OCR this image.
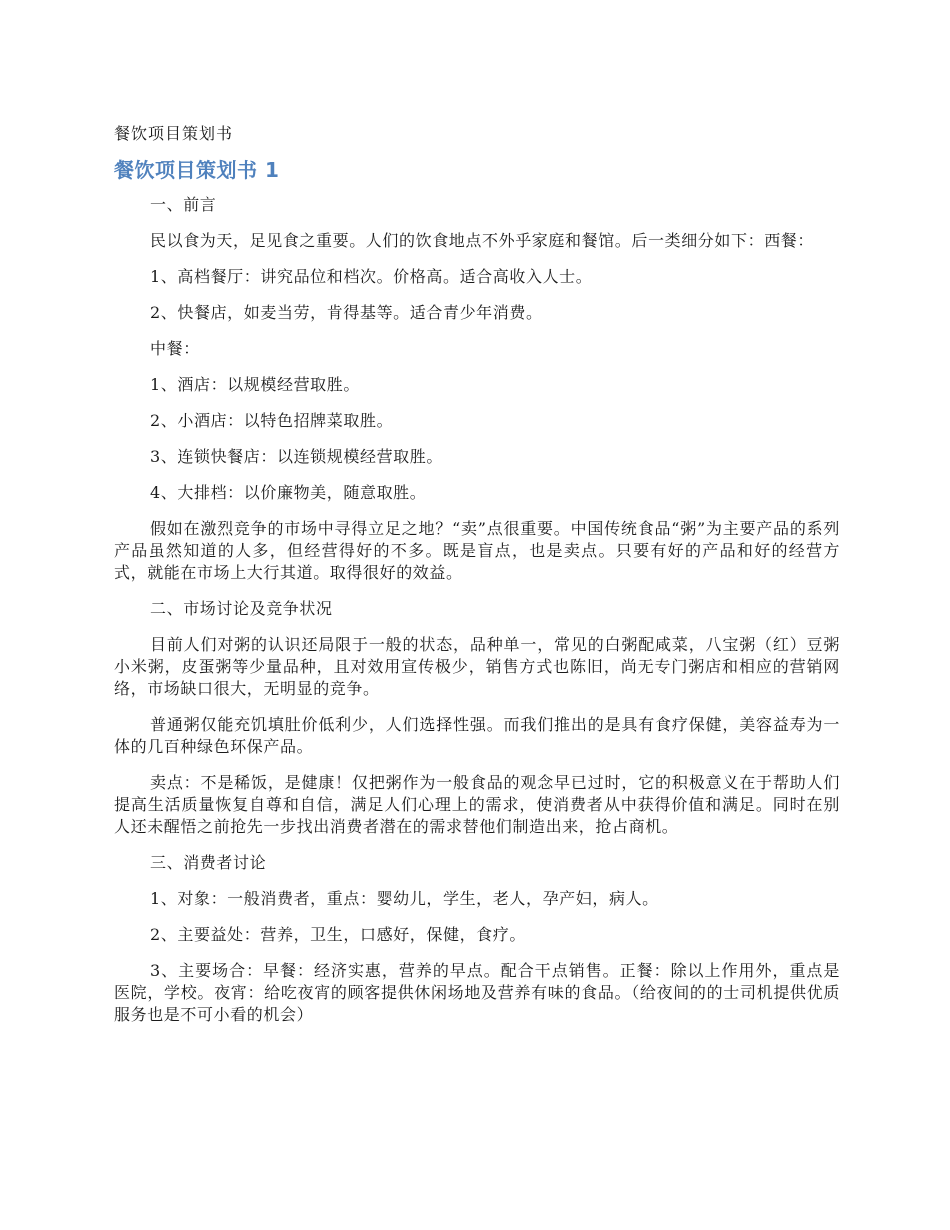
餐饮项目策划书
餐饮项目策划书 1

一、前言

民以食为天，足见食之重要。人们的饮食地点不外乎家庭和餐馆。后一类细分如下：西餐：

1、高档餐厅：讲究品位和档次。价格高。适合高收入人士。

2、快餐店，如麦当劳，肯得基等。适合青少年消费。

中餐：

1、酒店：以规模经营取胜。

2、小酒店：以特色招牌菜取胜。

3、连锁快餐店：以连锁规模经营取胜。

4、大排档：以价廉物美，随意取胜。

假如在激烈竞争的市场中寻得立足之地？“卖”点很重要。中国传统食品“粥”为主要产品的系列产品虽然知道的人多，但经营得好的不多。既是盲点，也是卖点。只要有好的产品和好的经营方式，就能在市场上大行其道。取得很好的效益。

二、市场讨论及竞争状况

目前人们对粥的认识还局限于一般的状态，品种单一，常见的白粥配咸菜，八宝粥（红）豆粥小米粥，皮蛋粥等少量品种，且对效用宣传极少，销售方式也陈旧，尚无专门粥店和相应的营销网络，市场缺口很大，无明显的竞争。

普通粥仅能充饥填肚价低利少，人们选择性强。而我们推出的是具有食疗保健，美容益寿为一体的几百种绿色环保产品。

卖点：不是稀饭，是健康！仅把粥作为一般食品的观念早已过时，它的积极意义在于帮助人们提高生活质量恢复自尊和自信，满足人们心理上的需求，使消费者从中获得价值和满足。同时在别人还未醒悟之前抢先一步找出消费者潜在的需求替他们制造出来，抢占商机。

三、消费者讨论

1、对象：一般消费者，重点：婴幼儿，学生，老人，孕产妇，病人。

2、主要益处：营养，卫生，口感好，保健，食疗。

3、主要场合：早餐：经济实惠，营养的早点。配合干点销售。正餐：除以上作用外，重点是医院，学校。夜宵：给吃夜宵的顾客提供休闲场地及营养有味的食品。（给夜间的的士司机提供优质服务也是不可小看的机会）
